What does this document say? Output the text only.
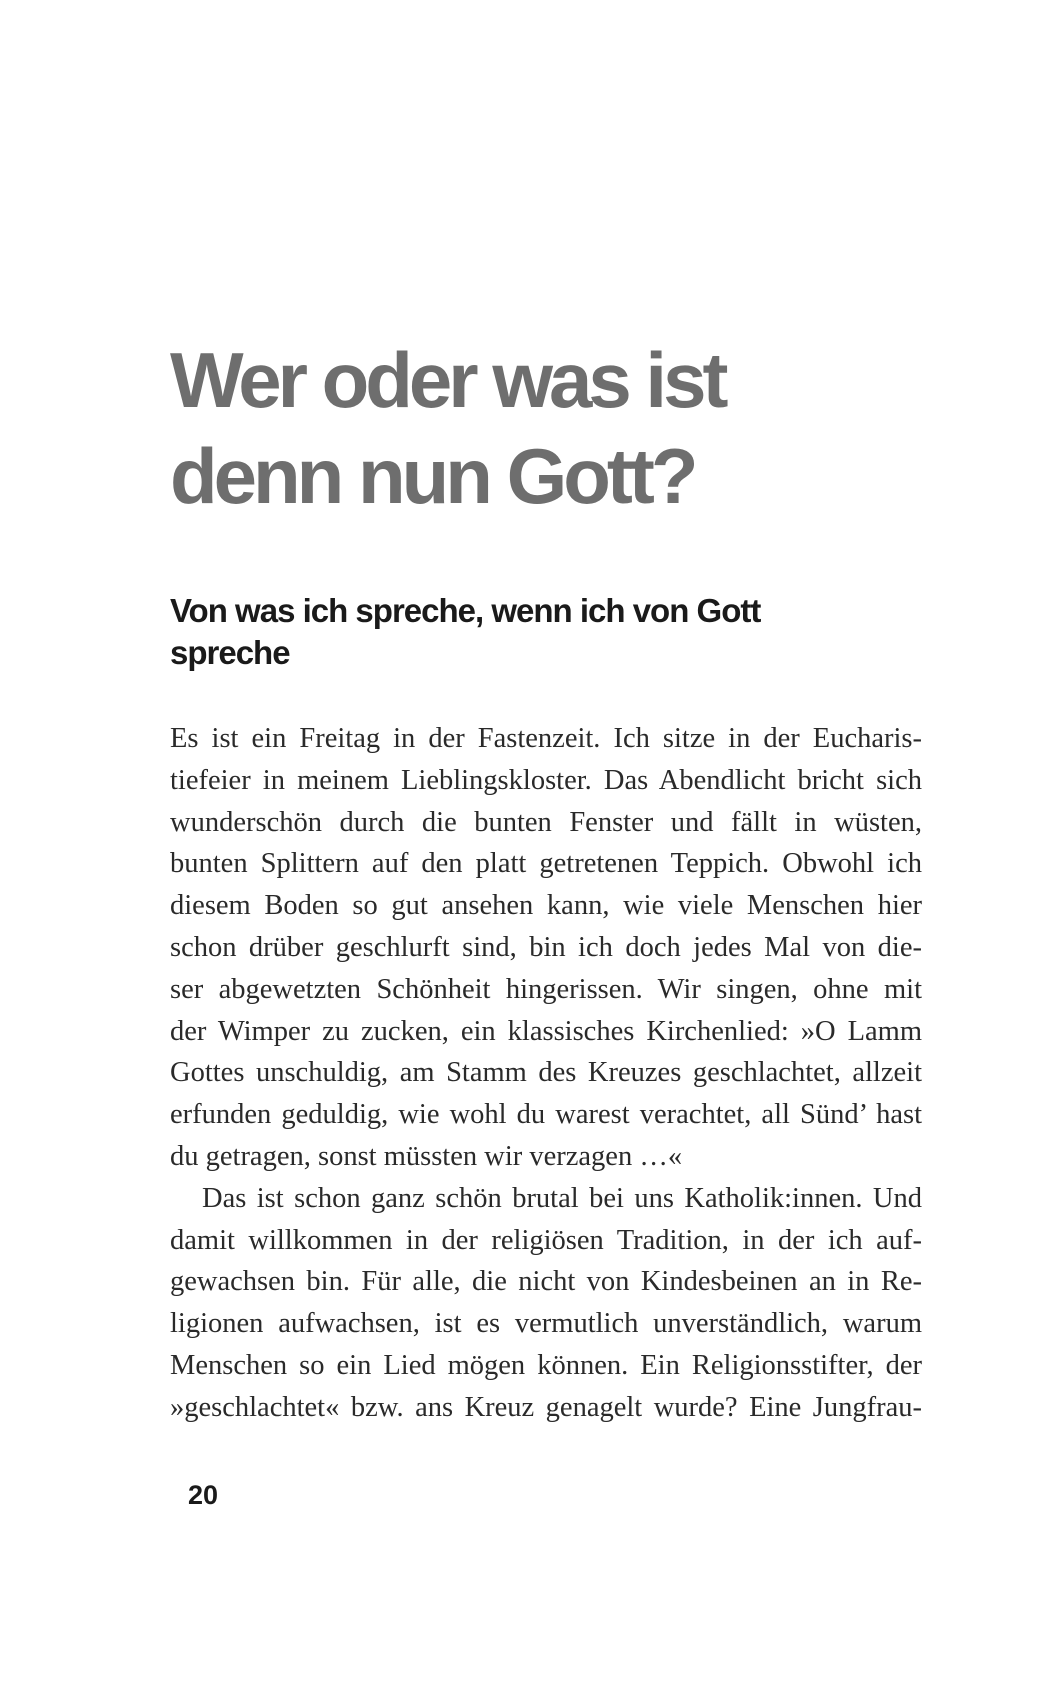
Wer oder was ist
denn nun Gott?
Von was ich spreche, wenn ich von Gott
spreche
Es ist ein Freitag in der Fastenzeit. Ich sitze in der Eucharis-
tiefeier in meinem Lieblingskloster. Das Abendlicht bricht sich
wunderschön durch die bunten Fenster und fällt in wüsten,
bunten Splittern auf den platt getretenen Teppich. Obwohl ich
diesem Boden so gut ansehen kann, wie viele Menschen hier
schon drüber geschlurft sind, bin ich doch jedes Mal von die-
ser abgewetzten Schönheit hingerissen. Wir singen, ohne mit
der Wimper zu zucken, ein klassisches Kirchenlied: »O Lamm
Gottes unschuldig, am Stamm des Kreuzes geschlachtet, allzeit
erfunden geduldig, wie wohl du warest verachtet, all Sünd’ hast
du getragen, sonst müssten wir verzagen …«
Das ist schon ganz schön brutal bei uns Katholik:innen. Und
damit willkommen in der religiösen Tradition, in der ich auf-
gewachsen bin. Für alle, die nicht von Kindesbeinen an in Re-
ligionen aufwachsen, ist es vermutlich unverständlich, warum
Menschen so ein Lied mögen können. Ein Religionsstifter, der
»geschlachtet« bzw. ans Kreuz genagelt wurde? Eine Jungfrau-
20
